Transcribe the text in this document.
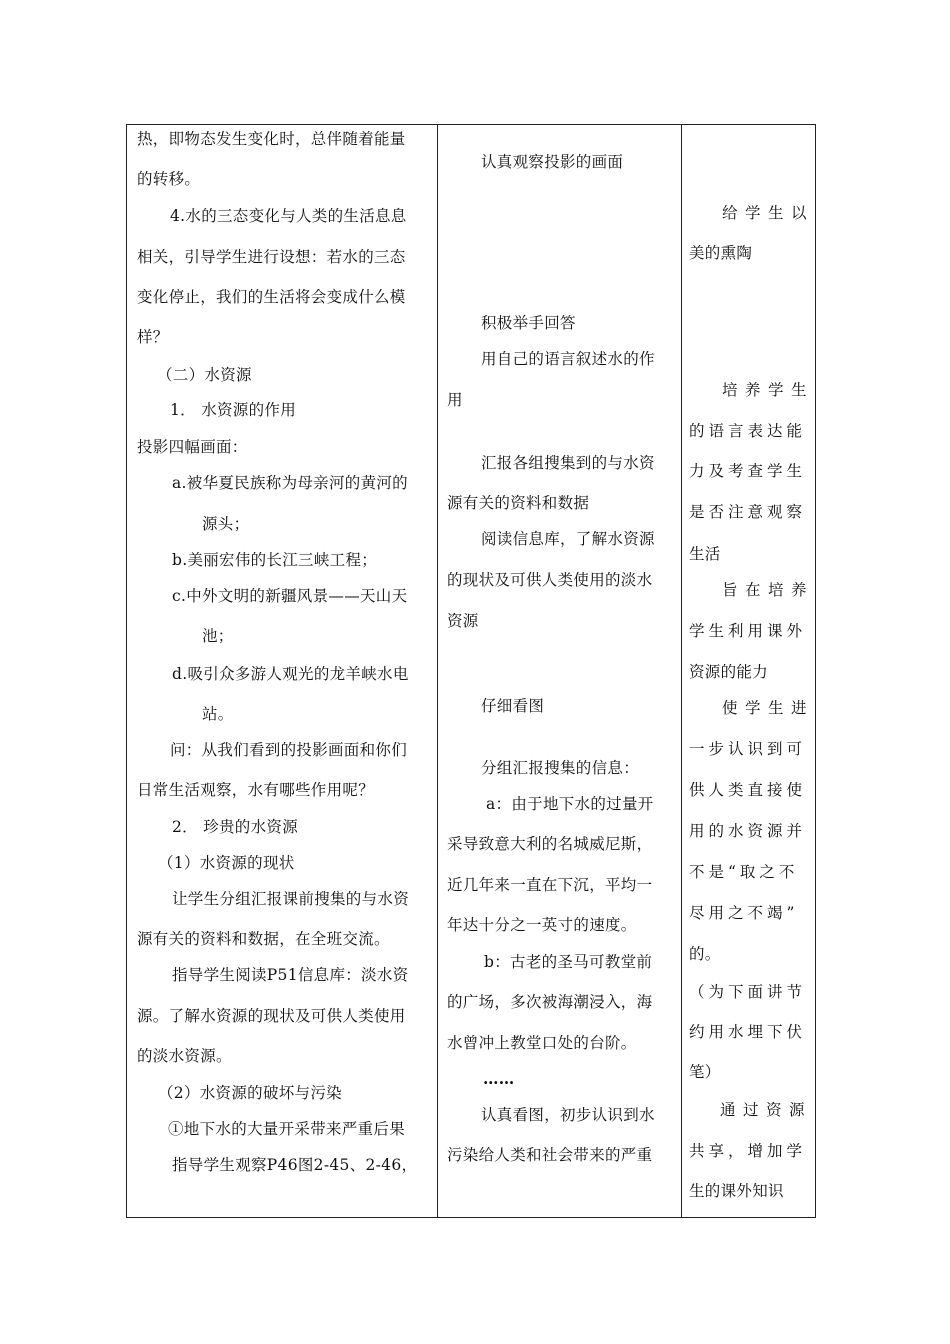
热，即物态发生变化时，总伴随着能量
的转移。
4.水的三态变化与人类的生活息息
相关，引导学生进行设想：若水的三态
变化停止，我们的生活将会变成什么模
样？
（二）水资源
1． 水资源的作用
投影四幅画面：
a.被华夏民族称为母亲河的黄河的
源头；
b.美丽宏伟的长江三峡工程；
c.中外文明的新疆风景——天山天
池；
d.吸引众多游人观光的龙羊峡水电
站。
问：从我们看到的投影画面和你们
日常生活观察，水有哪些作用呢？
2． 珍贵的水资源
（1）水资源的现状
让学生分组汇报课前搜集的与水资
源有关的资料和数据，在全班交流。
指导学生阅读P51信息库：淡水资
源。了解水资源的现状及可供人类使用
的淡水资源。
（2）水资源的破坏与污染
①地下水的大量开采带来严重后果
指导学生观察P46图2-45、2-46，
认真观察投影的画面
积极举手回答
用自己的语言叙述水的作
用
汇报各组搜集到的与水资
源有关的资料和数据
阅读信息库，了解水资源
的现状及可供人类使用的淡水
资源
仔细看图
分组汇报搜集的信息：
a：由于地下水的过量开
采导致意大利的名城威尼斯，
近几年来一直在下沉，平均一
年达十分之一英寸的速度。
b：古老的圣马可教堂前
的广场，多次被海潮浸入，海
水曾冲上教堂口处的台阶。
……
认真看图，初步认识到水
污染给人类和社会带来的严重
给学生以
美的熏陶
培养学生
的语言表达能
力及考查学生
是否注意观察
生活
旨在培养
学生利用课外
资源的能力
使学生进
一步认识到可
供人类直接使
用的水资源并
不是“取之不
尽用之不竭”
的。
（为下面讲节
约用水埋下伏
笔）
通过资源
共享，增加学
生的课外知识
